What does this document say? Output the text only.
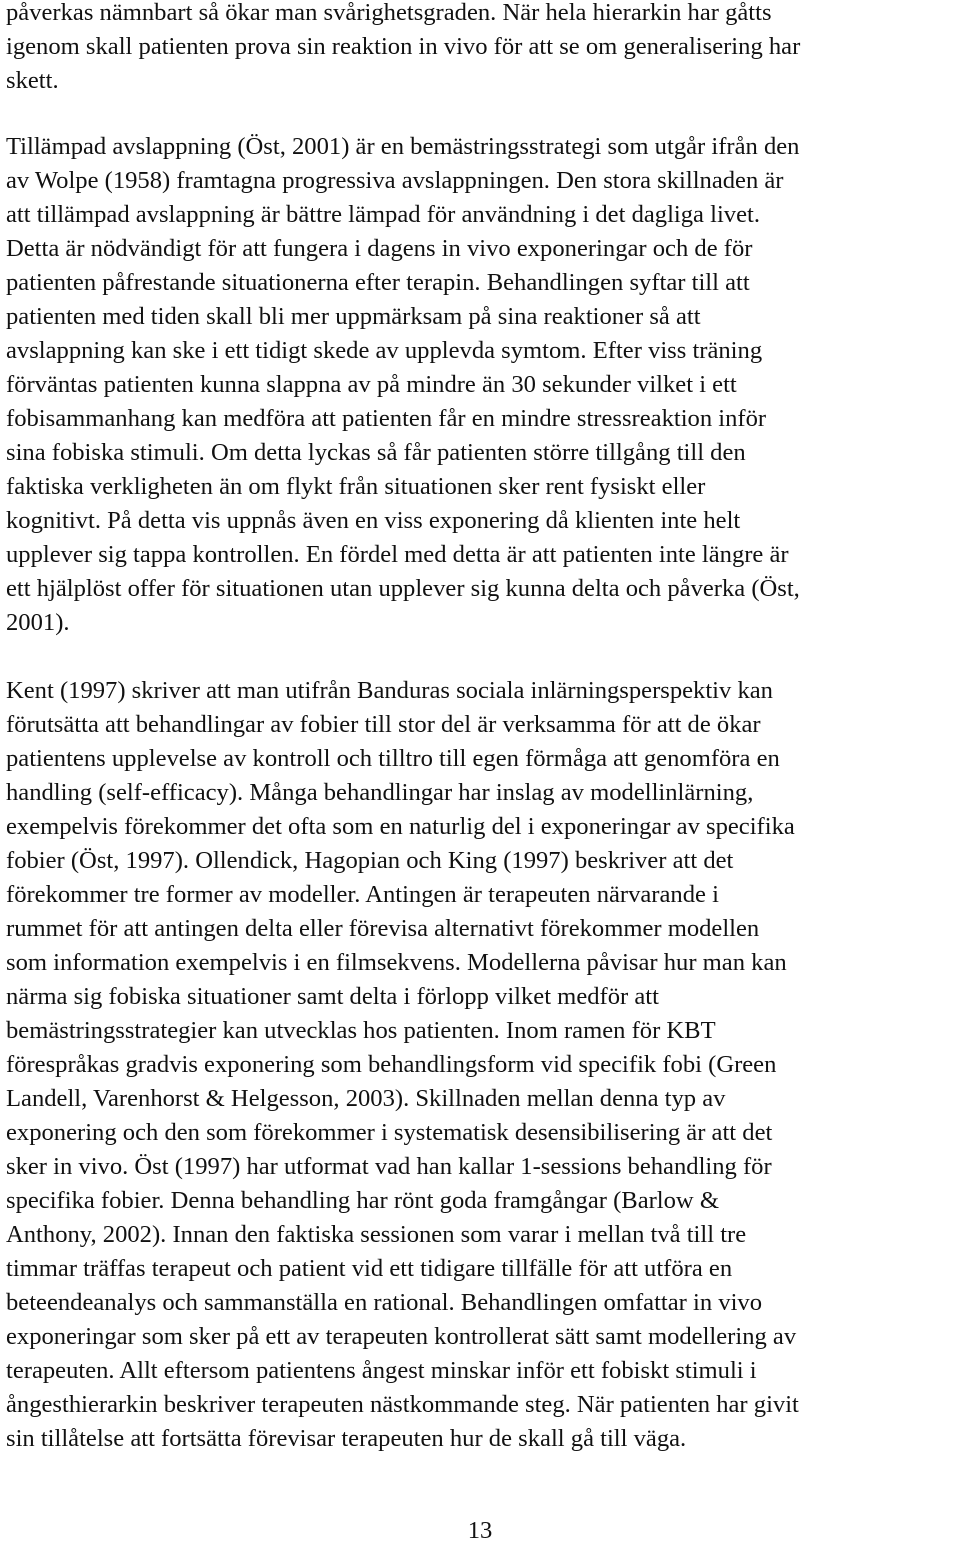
påverkas nämnbart så ökar man svårighetsgraden. När hela hierarkin har gåtts
igenom skall patienten prova sin reaktion in vivo för att se om generalisering har
skett.

Tillämpad avslappning (Öst, 2001) är en bemästringsstrategi som utgår ifrån den
av Wolpe (1958) framtagna progressiva avslappningen. Den stora skillnaden är
att tillämpad avslappning är bättre lämpad för användning i det dagliga livet.
Detta är nödvändigt för att fungera i dagens in vivo exponeringar och de för
patienten påfrestande situationerna efter terapin. Behandlingen syftar till att
patienten med tiden skall bli mer uppmärksam på sina reaktioner så att
avslappning kan ske i ett tidigt skede av upplevda symtom. Efter viss träning
förväntas patienten kunna slappna av på mindre än 30 sekunder vilket i ett
fobisammanhang kan medföra att patienten får en mindre stressreaktion inför
sina fobiska stimuli. Om detta lyckas så får patienten större tillgång till den
faktiska verkligheten än om flykt från situationen sker rent fysiskt eller
kognitivt. På detta vis uppnås även en viss exponering då klienten inte helt
upplever sig tappa kontrollen. En fördel med detta är att patienten inte längre är
ett hjälplöst offer för situationen utan upplever sig kunna delta och påverka (Öst,
2001).

Kent (1997) skriver att man utifrån Banduras sociala inlärningsperspektiv kan
förutsätta att behandlingar av fobier till stor del är verksamma för att de ökar
patientens upplevelse av kontroll och tilltro till egen förmåga att genomföra en
handling (self-efficacy). Många behandlingar har inslag av modellinlärning,
exempelvis förekommer det ofta som en naturlig del i exponeringar av specifika
fobier (Öst, 1997). Ollendick, Hagopian och King (1997) beskriver att det
förekommer tre former av modeller. Antingen är terapeuten närvarande i
rummet för att antingen delta eller förevisa alternativt förekommer modellen
som information exempelvis i en filmsekvens. Modellerna påvisar hur man kan
närma sig fobiska situationer samt delta i förlopp vilket medför att
bemästringsstrategier kan utvecklas hos patienten. Inom ramen för KBT
förespråkas gradvis exponering som behandlingsform vid specifik fobi (Green
Landell, Varenhorst & Helgesson, 2003). Skillnaden mellan denna typ av
exponering och den som förekommer i systematisk desensibilisering är att det
sker in vivo. Öst (1997) har utformat vad han kallar 1-sessions behandling för
specifika fobier. Denna behandling har rönt goda framgångar (Barlow &
Anthony, 2002). Innan den faktiska sessionen som varar i mellan två till tre
timmar träffas terapeut och patient vid ett tidigare tillfälle för att utföra en
beteendeanalys och sammanställa en rational. Behandlingen omfattar in vivo
exponeringar som sker på ett av terapeuten kontrollerat sätt samt modellering av
terapeuten. Allt eftersom patientens ångest minskar inför ett fobiskt stimuli i
ångesthierarkin beskriver terapeuten nästkommande steg. När patienten har givit
sin tillåtelse att fortsätta förevisar terapeuten hur de skall gå till väga.

13
